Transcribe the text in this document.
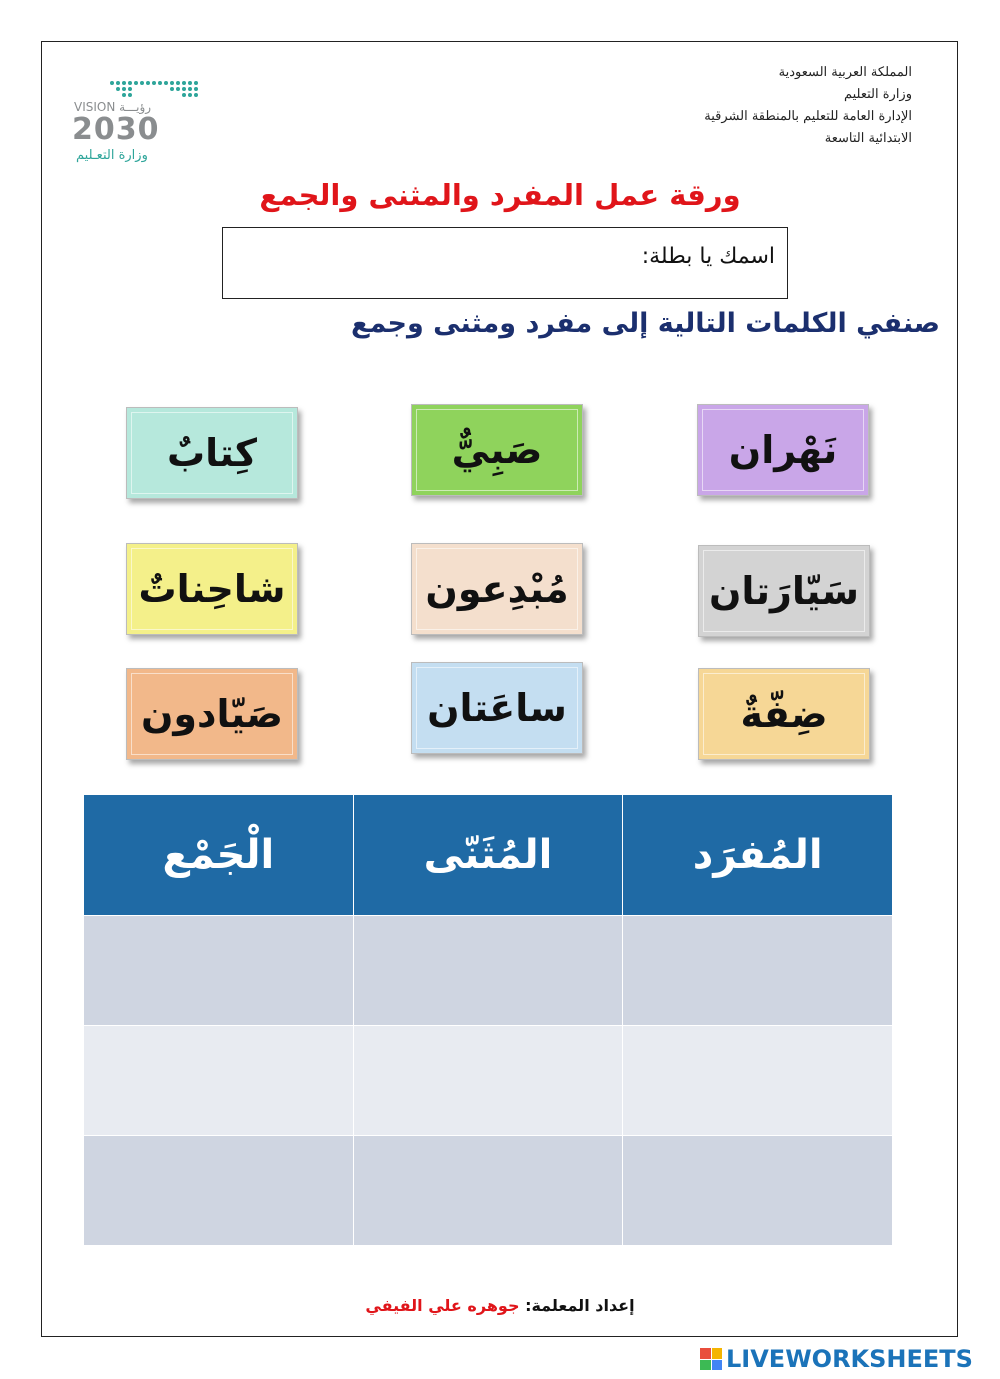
المملكة العربية السعودية
وزارة التعليم
الإدارة العامة للتعليم بالمنطقة الشرقية
الابتدائية التاسعة
VISION رؤيـــة
2030
وزارة التعـليم
ورقة عمل المفرد والمثنى والجمع
اسمك يا بطلة:
صنفي الكلمات التالية إلى مفرد ومثنى وجمع
نَهْران
صَبِيٌّ
كِتابٌ
سَيّارَتان
مُبْدِعون
شاحِناتٌ
ضِفّةٌ
ساعَتان
صَيّادون
المُفرَد	المُثَنّى	الْجَمْع

إعداد المعلمة: جوهره علي الفيفي
LIVEWORKSHEETS
